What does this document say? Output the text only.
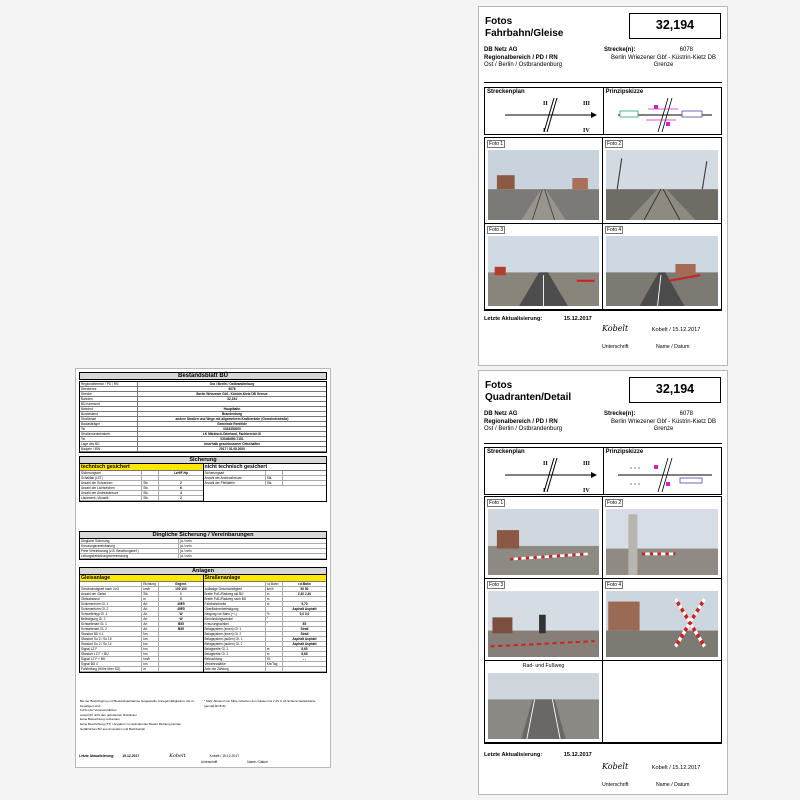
Bestandsblatt BÜ
Regionalbereich / PD / RN	Ost / Berlin / Ostbrandenburg
Streckennr.	6078
Strecke	Berlin Wriezener Gbf - Küstrin-Kietz DB Grenze
Bahnkm	32,194
BÜ-Kennwort
Bahnhof	Hauptbahn
Bundesland	Brandenburg
Straßenart	andere Straßen und Wege mit allgemeinem Kraftverkehr (Gemeindestraße)
Baulastträger	Gemeinde Rehfelde
Tel	0334354000
Straßenverkehrsbeh.	LK Märkisch-Oderland, Fachbereich III
Tel	03346/850-7151
Lage des BÜ	innerhalb geschlossener Ortschaften
Baujahr / IBN	2017 / 01.08.2000
Sicherung
technisch gesichert
Sicherungsart	LzH/F-Hp
Schaltfall (LST)
Anzahl der Schranken	Stk.	2
Anzahl der Lichtzeichen	Stk.	6
Anzahl der Andreaskreuze	Stk.	4
Läutewerk / Akustik	Stk.	2
nicht technisch gesichert
Sicherungsart
Anzahl der Andreaskreuze	Stk.
Anzahl der Pfeiltafeln	Stk.
Dingliche Sicherung / Vereinbarungen
Dingliche Sicherung	ja / nein
Kreuzungsvereinbarung	ja / nein
Freie Vereinbarung (z.B. Bewirtungsbef.)	ja / nein
Leitungsbenutzungsvereinbarung	ja / nein
Anlagen
Gleisanlage
Richtung	Gegenr.
Geschwindigkeit nach VzG	km/h	100 100
Anzahl der Gleise	Stk.	1
Gleisabstand	m	0
Schienenform Gl. 1	Art	49E5
Schienenform Gl. 2	Art	49E5
Schwellentyp Gl. 1	Art	W
Befestigung Gl. 2	Art	W
Schwellenart Gl. 1	Art	B55
Schwellenart Gl. 2	Art	B55
Standort BÜ 0.1	km
Standort Su 2 / So 15	km
Standort Su 2 / So 14	km
Signal LZ F	km
Standort LZ F + BÜ	km
Signal LZ F + BÜ	km/h
Signal BÜ 4	km
Fahrleitung (Höhe über SO)	m
Straßenanlage
l.d.Bahn	r.d.Bahn
zulässige Geschwindigkeit	km/h	50 50
Breite Fuß-/Radweg mit BÜ	m	2,40 2,40
Breite Fuß-/Radweg nach BÜ	m
Fahrbahnbreite	m	5,70
Oberflächenbefestigung	Asphalt Asphalt
Neigung vor Bahn (+/-)	%	0,0 0,0
Einmündungswinkel	°
Kreuzungswinkel	°	85
Belagsystem (innen) Gl. 1	Strail
Belagsystem (innen) Gl. 2	Strail
Belagsystem (außen) Gl. 1	Asphalt Asphalt
Belagsystem (außen) Gl. 2	Asphalt Asphalt
Belagbreite Gl. 1	m	8,65
Belagbreite Gl. 2	m	8,65
Beleuchtung	St.	- -
Verkehrsstärke	Kfz/Tag
Jahr der Zählung
Bei der Besichtigung und Bestandsaufnahme festgestellte Unregelmäßigkeiten, die zu beseitigen sind:
Kürzel der Verantwortlichen
entspricht nicht den geforderten Richtlinien
keine Beleuchtung vorhanden
keine Beschriftung (TT) / Angaben zu verändernder Bauart Richtung Norden
Gefährliches BÜ aus Anomalien und Bahnbetrieb
* Maß: Abstand von Mitte zwischen den Gleisen bis 2,25 m ab Schienenaußenkante (gemäß Ril 815)
Letzte Aktualisierung: 15.12.2017	Kobelt	Kobelt / 15.12.2017
Unterschrift	Name / Datum
Fotos
Fahrbahn/Gleise
32,194
DB Netz AG
Regionalbereich / PD / RN
Ost / Berlin / Ostbrandenburg
Strecke(n):	6078
Berlin Wriezener Gbf - Küstrin-Kietz DB Grenze
Streckenplan
II	III
I	IV
Prinzipskizze
Foto 1	Foto 2
Foto 3	Foto 4
Letzte Aktualisierung:	15.12.2017
Kobelt	Kobelt / 15.12.2017
Unterschrift	Name / Datum
Fotos
Quadranten/Detail
32,194
DB Netz AG
Regionalbereich / PD / RN
Ost / Berlin / Ostbrandenburg
Strecke(n):	6078
Berlin Wriezener Gbf - Küstrin-Kietz DB Grenze
Streckenplan
II	III
I	IV
Prinzipskizze
Foto 1	Foto 2
Foto 3	Foto 4
Rad- und Fußweg
Letzte Aktualisierung:	15.12.2017
Kobelt	Kobelt / 15.12.2017
Unterschrift	Name / Datum
